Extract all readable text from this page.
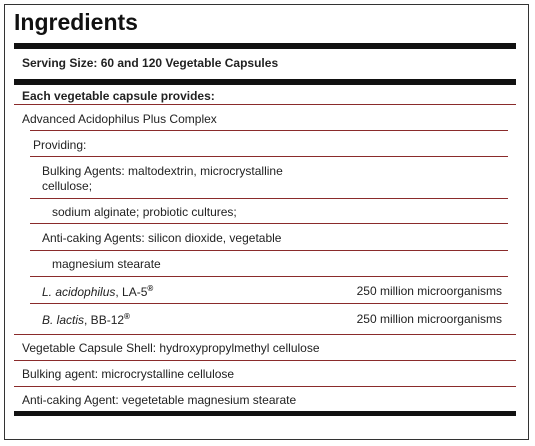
Ingredients
Serving Size: 60 and 120 Vegetable Capsules
Each vegetable capsule provides:
Advanced Acidophilus Plus Complex
Providing:
Bulking Agents: maltodextrin, microcrystalline cellulose;
sodium alginate; probiotic cultures;
Anti-caking Agents: silicon dioxide, vegetable
magnesium stearate
L. acidophilus, LA-5®	250 million microorganisms
B. lactis, BB-12®	250 million microorganisms
Vegetable Capsule Shell: hydroxypropylmethyl cellulose
Bulking agent: microcrystalline cellulose
Anti-caking Agent: vegetetable magnesium stearate
